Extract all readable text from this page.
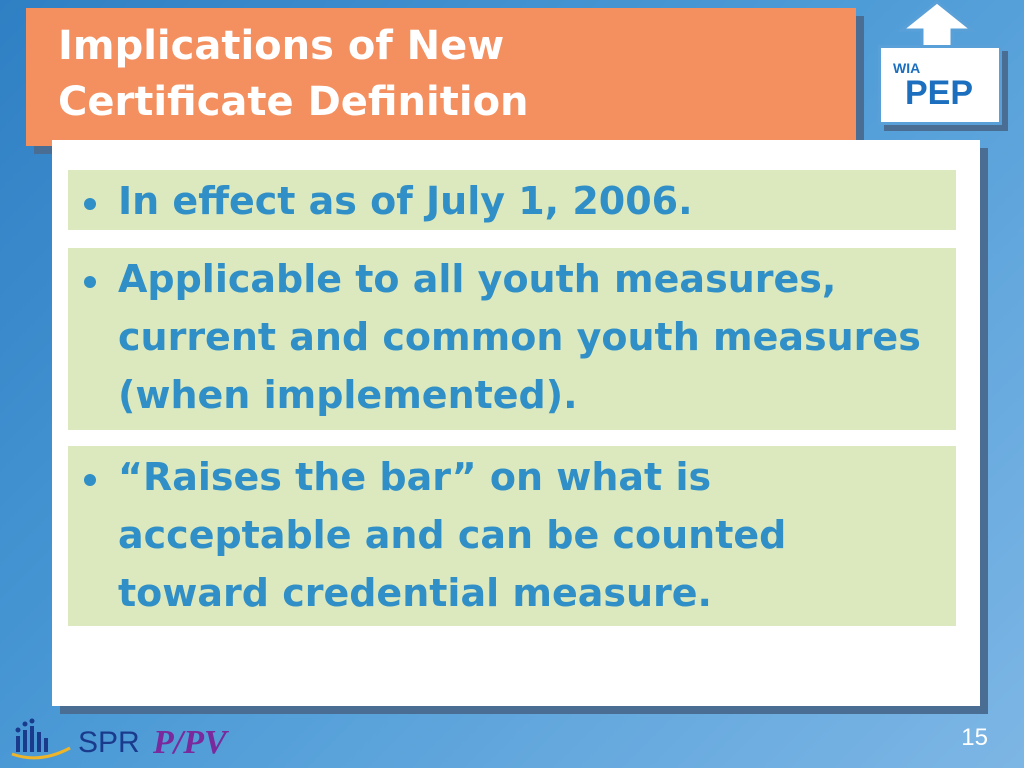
Implications of New
Certificate Definition
WIA
PEP
In effect as of July 1, 2006.
Applicable to all youth measures, current and common youth measures (when implemented).
“Raises the bar” on what is acceptable and can be counted toward credential measure.
SPR P/PV	15
